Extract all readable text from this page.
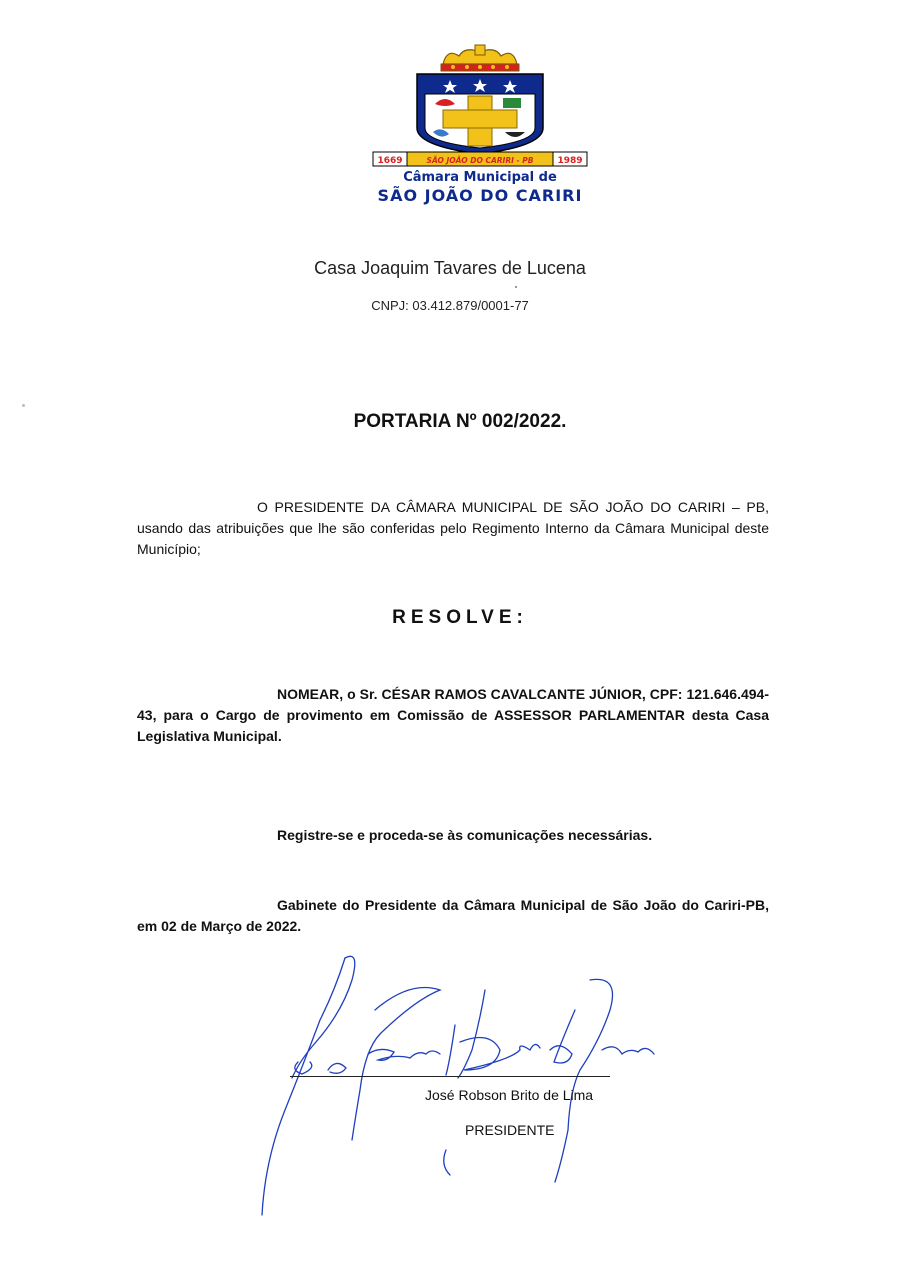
1669	SÃO JOÃO DO CARIRI - PB	1989
Câmara Municipal de
SÃO JOÃO DO CARIRI
Casa Joaquim Tavares de Lucena
CNPJ: 03.412.879/0001-77
PORTARIA Nº 002/2022.
O PRESIDENTE DA CÂMARA MUNICIPAL DE SÃO JOÃO DO CARIRI – PB, usando das atribuições que lhe são conferidas pelo Regimento Interno da Câmara Municipal deste Município;
RESOLVE:
NOMEAR, o Sr. CÉSAR RAMOS CAVALCANTE JÚNIOR, CPF: 121.646.494-43, para o Cargo de provimento em Comissão de ASSESSOR PARLAMENTAR desta Casa Legislativa Municipal.
Registre-se e proceda-se às comunicações necessárias.
Gabinete do Presidente da Câmara Municipal de São João do Cariri-PB, em 02 de Março de 2022.
José Robson Brito de Lima
PRESIDENTE
